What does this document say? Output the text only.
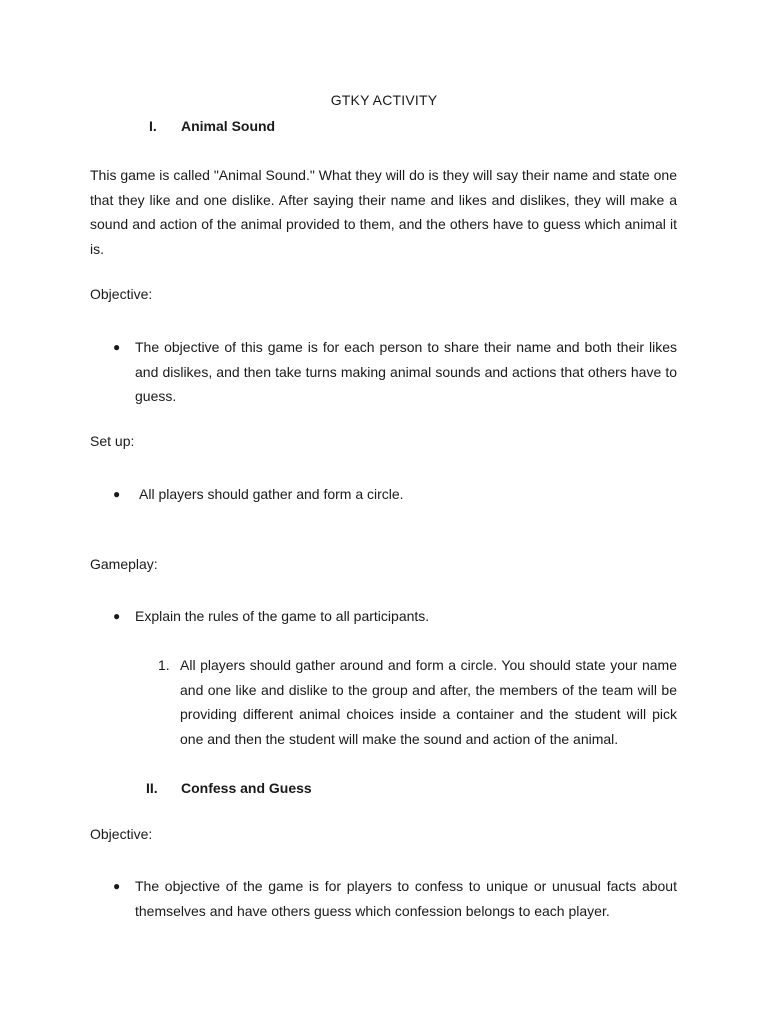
GTKY ACTIVITY
I. Animal Sound
This game is called "Animal Sound." What they will do is they will say their name and state one that they like and one dislike. After saying their name and likes and dislikes, they will make a sound and action of the animal provided to them, and the others have to guess which animal it is.
Objective:
● The objective of this game is for each person to share their name and both their likes and dislikes, and then take turns making animal sounds and actions that others have to guess.
Set up:
● All players should gather and form a circle.
Gameplay:
● Explain the rules of the game to all participants.
1. All players should gather around and form a circle. You should state your name and one like and dislike to the group and after, the members of the team will be providing different animal choices inside a container and the student will pick one and then the student will make the sound and action of the animal.
II. Confess and Guess
Objective:
● The objective of the game is for players to confess to unique or unusual facts about themselves and have others guess which confession belongs to each player.
